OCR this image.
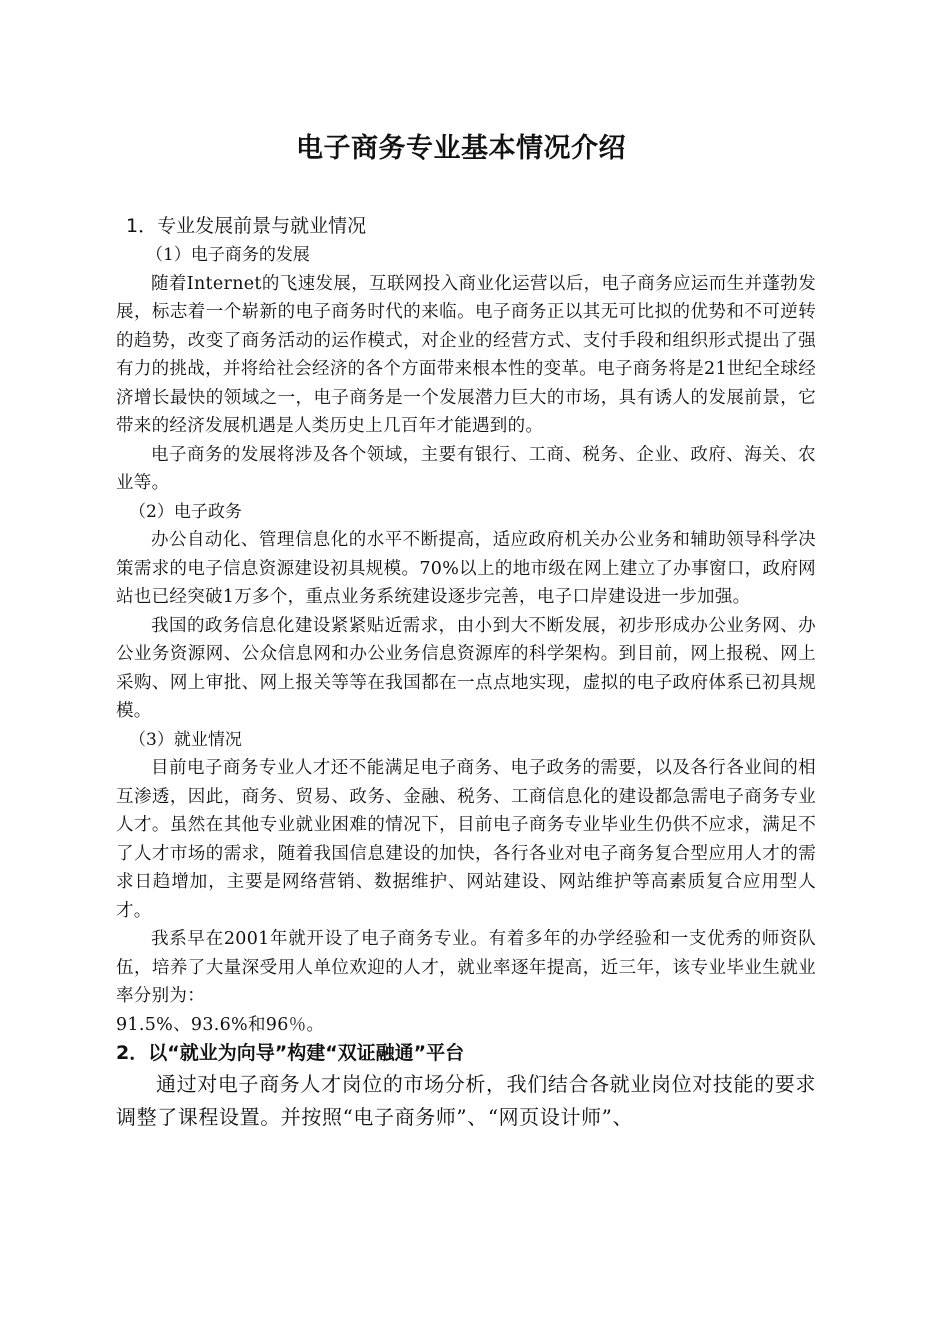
电子商务专业基本情况介绍
1．专业发展前景与就业情况
（1）电子商务的发展

随着Internet的飞速发展，互联网投入商业化运营以后，电子商务应运而生并蓬勃发展，标志着一个崭新的电子商务时代的来临。电子商务正以其无可比拟的优势和不可逆转的趋势，改变了商务活动的运作模式，对企业的经营方式、支付手段和组织形式提出了强有力的挑战，并将给社会经济的各个方面带来根本性的变革。电子商务将是21世纪全球经济增长最快的领域之一，电子商务是一个发展潜力巨大的市场，具有诱人的发展前景，它带来的经济发展机遇是人类历史上几百年才能遇到的。

电子商务的发展将涉及各个领域，主要有银行、工商、税务、企业、政府、海关、农业等。

（2）电子政务

办公自动化、管理信息化的水平不断提高，适应政府机关办公业务和辅助领导科学决策需求的电子信息资源建设初具规模。70%以上的地市级在网上建立了办事窗口，政府网站也已经突破1万多个，重点业务系统建设逐步完善，电子口岸建设进一步加强。

我国的政务信息化建设紧紧贴近需求，由小到大不断发展，初步形成办公业务网、办公业务资源网、公众信息网和办公业务信息资源库的科学架构。到目前，网上报税、网上采购、网上审批、网上报关等等在我国都在一点点地实现，虚拟的电子政府体系已初具规模。

（3）就业情况

目前电子商务专业人才还不能满足电子商务、电子政务的需要，以及各行各业间的相互渗透，因此，商务、贸易、政务、金融、税务、工商信息化的建设都急需电子商务专业人才。虽然在其他专业就业困难的情况下，目前电子商务专业毕业生仍供不应求，满足不了人才市场的需求，随着我国信息建设的加快，各行各业对电子商务复合型应用人才的需求日趋增加，主要是网络营销、数据维护、网站建设、网站维护等高素质复合应用型人才。

我系早在2001年就开设了电子商务专业。有着多年的办学经验和一支优秀的师资队伍，培养了大量深受用人单位欢迎的人才，就业率逐年提高，近三年，该专业毕业生就业率分别为：

91.5%、93.6%和96％。

2．以“就业为向导”构建“双证融通”平台

通过对电子商务人才岗位的市场分析，我们结合各就业岗位对技能的要求调整了课程设置。并按照“电子商务师”、“网页设计师”、
